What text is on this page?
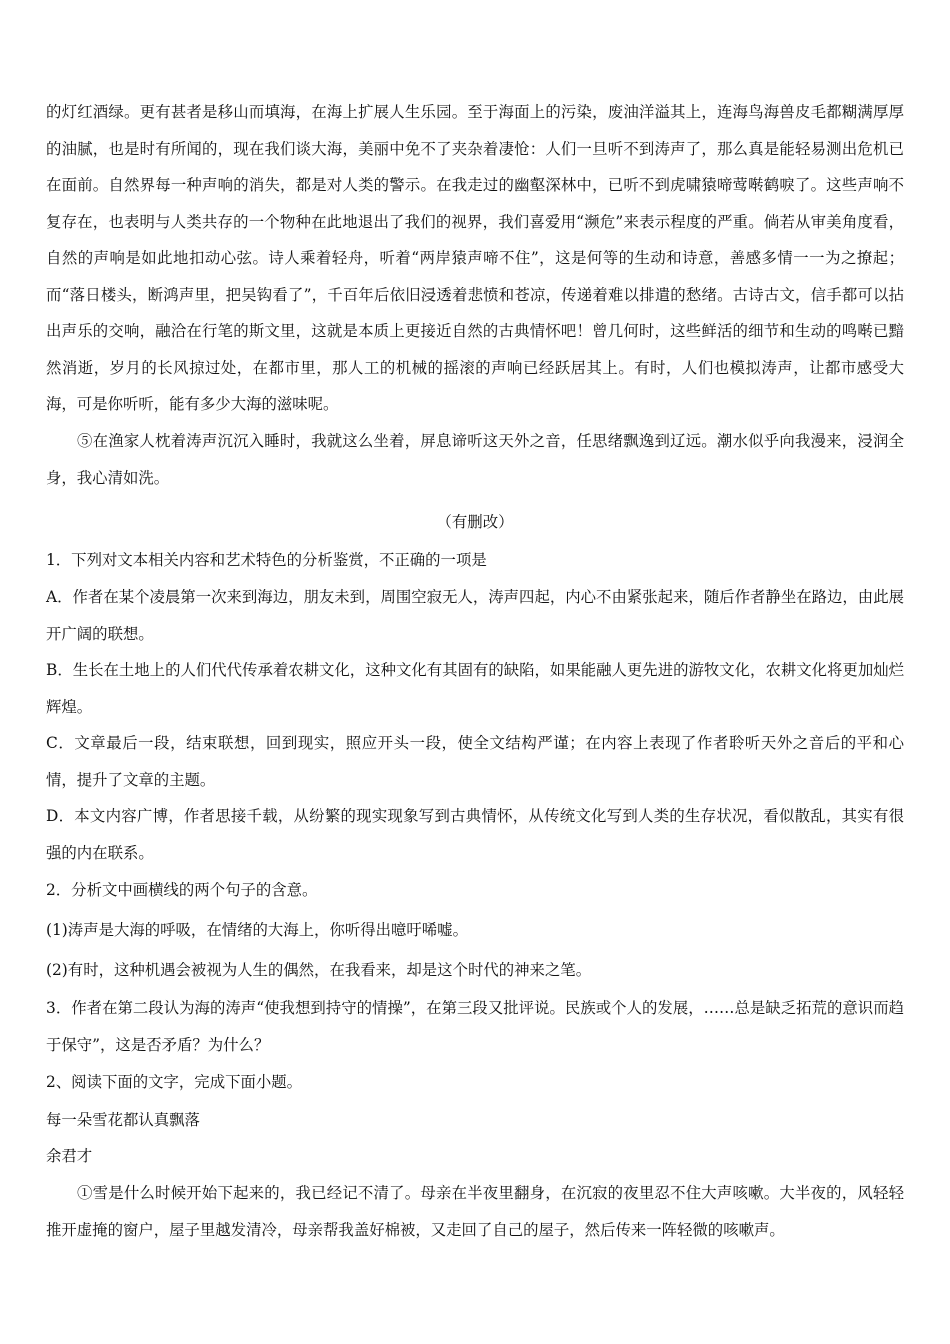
的灯红酒绿。更有甚者是移山而填海，在海上扩展人生乐园。至于海面上的污染，废油洋溢其上，连海鸟海兽皮毛都糊满厚厚的油腻，也是时有所闻的，现在我们谈大海，美丽中免不了夹杂着凄怆：人们一旦听不到涛声了，那么真是能轻易测出危机已在面前。自然界每一种声响的消失，都是对人类的警示。在我走过的幽壑深林中，已听不到虎啸猿啼莺啭鹤唳了。这些声响不复存在，也表明与人类共存的一个物种在此地退出了我们的视界，我们喜爱用“濒危”来表示程度的严重。倘若从审美角度看，自然的声响是如此地扣动心弦。诗人乘着轻舟，听着“两岸猿声啼不住”，这是何等的生动和诗意，善感多情一一为之撩起；而“落日楼头，断鸿声里，把吴钩看了”，千百年后依旧浸透着悲愤和苍凉，传递着难以排遣的愁绪。古诗古文，信手都可以拈出声乐的交响，融洽在行笔的斯文里，这就是本质上更接近自然的古典情怀吧！曾几何时，这些鲜活的细节和生动的鸣啭已黯然消逝，岁月的长风掠过处，在都市里，那人工的机械的摇滚的声响已经跃居其上。有时，人们也模拟涛声，让都市感受大海，可是你听听，能有多少大海的滋味呢。

⑤在渔家人枕着涛声沉沉入睡时，我就这么坐着，屏息谛听这天外之音，任思绪飘逸到辽远。潮水似乎向我漫来，浸润全身，我心清如洗。

（有删改）

1．下列对文本相关内容和艺术特色的分析鉴赏，不正确的一项是

A．作者在某个凌晨第一次来到海边，朋友未到，周围空寂无人，涛声四起，内心不由紧张起来，随后作者静坐在路边，由此展开广阔的联想。

B．生长在土地上的人们代代传承着农耕文化，这种文化有其固有的缺陷，如果能融人更先进的游牧文化，农耕文化将更加灿烂辉煌。

C．文章最后一段，结束联想，回到现实，照应开头一段，使全文结构严谨；在内容上表现了作者聆听天外之音后的平和心情，提升了文章的主题。

D．本文内容广博，作者思接千载，从纷繁的现实现象写到古典情怀，从传统文化写到人类的生存状况，看似散乱，其实有很强的内在联系。

2．分析文中画横线的两个句子的含意。

(1)涛声是大海的呼吸，在情绪的大海上，你听得出噫吁唏嘘。

(2)有时，这种机遇会被视为人生的偶然，在我看来，却是这个时代的神来之笔。

3．作者在第二段认为海的涛声“使我想到持守的情操”，在第三段又批评说。民族或个人的发展，……总是缺乏拓荒的意识而趋于保守”，这是否矛盾？为什么？

2、阅读下面的文字，完成下面小题。

每一朵雪花都认真飘落

余君才

①雪是什么时候开始下起来的，我已经记不清了。母亲在半夜里翻身，在沉寂的夜里忍不住大声咳嗽。大半夜的，风轻轻推开虚掩的窗户，屋子里越发清冷，母亲帮我盖好棉被，又走回了自己的屋子，然后传来一阵轻微的咳嗽声。
